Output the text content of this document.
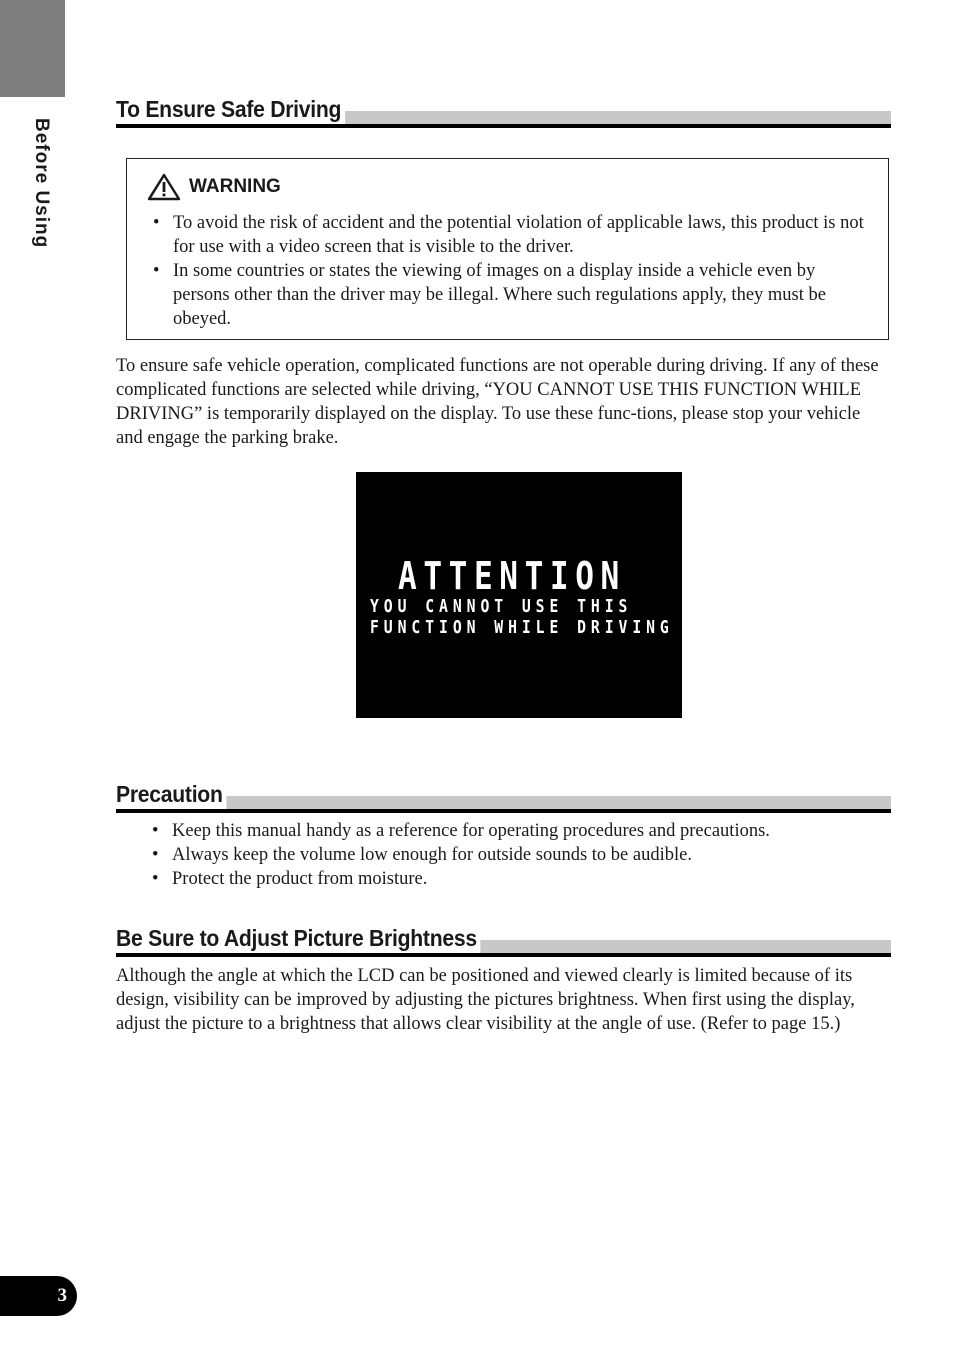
Before Using
To Ensure Safe Driving
WARNING
• To avoid the risk of accident and the potential violation of applicable laws, this product is not for use with a video screen that is visible to the driver.
• In some countries or states the viewing of images on a display inside a vehicle even by persons other than the driver may be illegal. Where such regulations apply, they must be obeyed.

To ensure safe vehicle operation, complicated functions are not operable during driving. If any of these complicated functions are selected while driving, “YOU CANNOT USE THIS FUNCTION WHILE DRIVING” is temporarily displayed on the display. To use these func-tions, please stop your vehicle and engage the parking brake.

ATTENTION
YOU CANNOT USE THIS
FUNCTION WHILE DRIVING
Precaution
• Keep this manual handy as a reference for operating procedures and precautions.
• Always keep the volume low enough for outside sounds to be audible.
• Protect the product from moisture.
Be Sure to Adjust Picture Brightness

Although the angle at which the LCD can be positioned and viewed clearly is limited because of its design, visibility can be improved by adjusting the pictures brightness. When first using the display, adjust the picture to a brightness that allows clear visibility at the angle of use. (Refer to page 15.)

3
